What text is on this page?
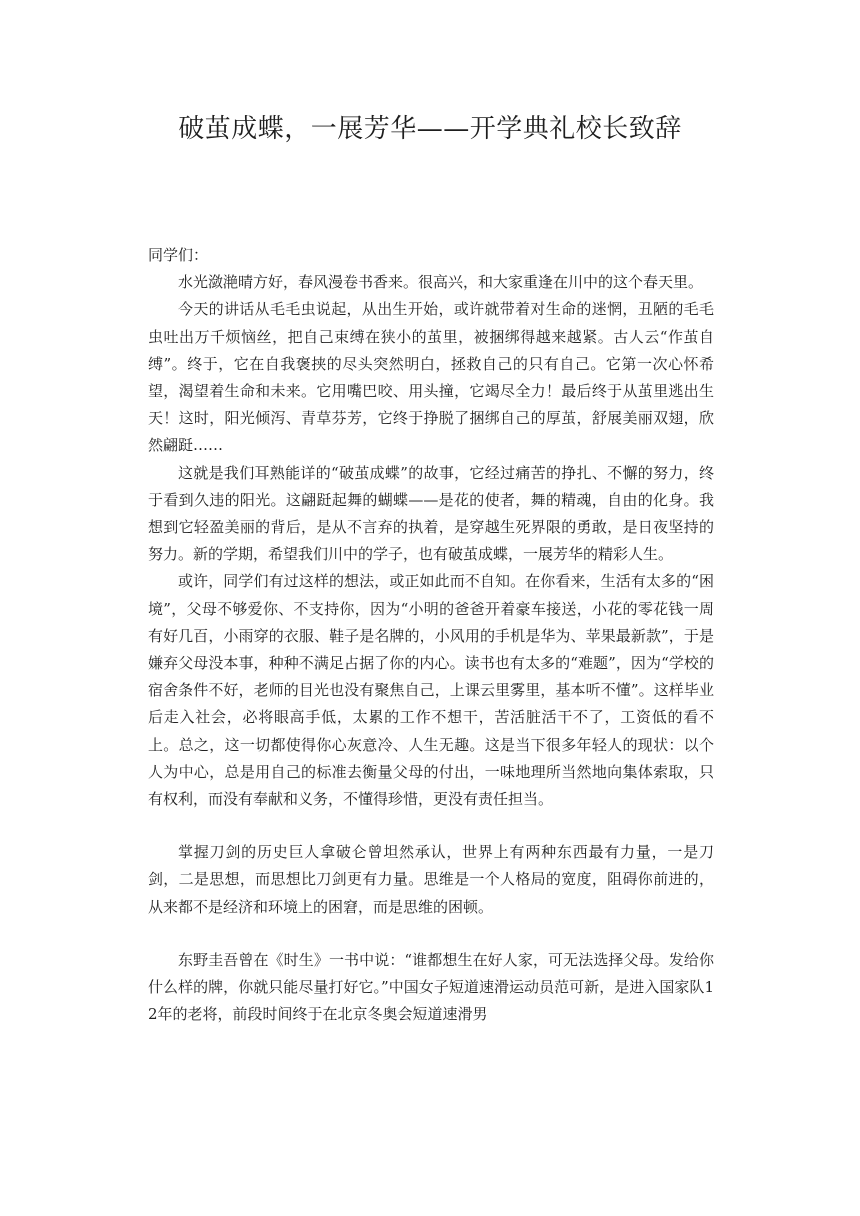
破茧成蝶，一展芳华——开学典礼校长致辞

同学们：

水光潋滟晴方好，春风漫卷书香来。很高兴，和大家重逢在川中的这个春天里。

今天的讲话从毛毛虫说起，从出生开始，或许就带着对生命的迷惘，丑陋的毛毛虫吐出万千烦恼丝，把自己束缚在狭小的茧里，被捆绑得越来越紧。古人云“作茧自缚”。终于，它在自我褒挟的尽头突然明白，拯救自己的只有自己。它第一次心怀希望，渴望着生命和未来。它用嘴巴咬、用头撞，它竭尽全力！最后终于从茧里逃出生天！这时，阳光倾泻、青草芬芳，它终于挣脱了捆绑自己的厚茧，舒展美丽双翅，欣然翩跹……

这就是我们耳熟能详的“破茧成蝶”的故事，它经过痛苦的挣扎、不懈的努力，终于看到久违的阳光。这翩跹起舞的蝴蝶——是花的使者，舞的精魂，自由的化身。我想到它轻盈美丽的背后，是从不言弃的执着，是穿越生死界限的勇敢，是日夜坚持的努力。新的学期，希望我们川中的学子，也有破茧成蝶，一展芳华的精彩人生。

或许，同学们有过这样的想法，或正如此而不自知。在你看来，生活有太多的“困境”，父母不够爱你、不支持你，因为“小明的爸爸开着豪车接送，小花的零花钱一周有好几百，小雨穿的衣服、鞋子是名牌的，小风用的手机是华为、苹果最新款”，于是嫌弃父母没本事，种种不满足占据了你的内心。读书也有太多的“难题”，因为“学校的宿舍条件不好，老师的目光也没有聚焦自己，上课云里雾里，基本听不懂”。这样毕业后走入社会，必将眼高手低，太累的工作不想干，苦活脏活干不了，工资低的看不上。总之，这一切都使得你心灰意冷、人生无趣。这是当下很多年轻人的现状：以个人为中心，总是用自己的标准去衡量父母的付出，一味地理所当然地向集体索取，只有权利，而没有奉献和义务，不懂得珍惜，更没有责任担当。

掌握刀剑的历史巨人拿破仑曾坦然承认，世界上有两种东西最有力量，一是刀剑，二是思想，而思想比刀剑更有力量。思维是一个人格局的宽度，阻碍你前进的，从来都不是经济和环境上的困窘，而是思维的困顿。

东野圭吾曾在《时生》一书中说：“谁都想生在好人家，可无法选择父母。发给你什么样的牌，你就只能尽量打好它。”中国女子短道速滑运动员范可新，是进入国家队12年的老将，前段时间终于在北京冬奥会短道速滑男
